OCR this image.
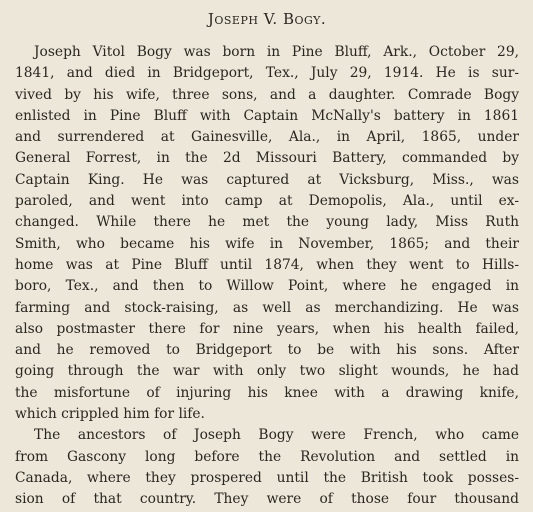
Joseph V. Bogy.
Joseph Vitol Bogy was born in Pine Bluff, Ark., October 29,
1841, and died in Bridgeport, Tex., July 29, 1914. He is sur-
vived by his wife, three sons, and a daughter. Comrade Bogy
enlisted in Pine Bluff with Captain McNally's battery in 1861
and surrendered at Gainesville, Ala., in April, 1865, under
General Forrest, in the 2d Missouri Battery, commanded by
Captain King. He was captured at Vicksburg, Miss., was
paroled, and went into camp at Demopolis, Ala., until ex-
changed. While there he met the young lady, Miss Ruth
Smith, who became his wife in November, 1865; and their
home was at Pine Bluff until 1874, when they went to Hills-
boro, Tex., and then to Willow Point, where he engaged in
farming and stock-raising, as well as merchandizing. He was
also postmaster there for nine years, when his health failed,
and he removed to Bridgeport to be with his sons. After
going through the war with only two slight wounds, he had
the misfortune of injuring his knee with a drawing knife,
which crippled him for life.
The ancestors of Joseph Bogy were French, who came
from Gascony long before the Revolution and settled in
Canada, where they prospered until the British took posses-
sion of that country. They were of those four thousand
